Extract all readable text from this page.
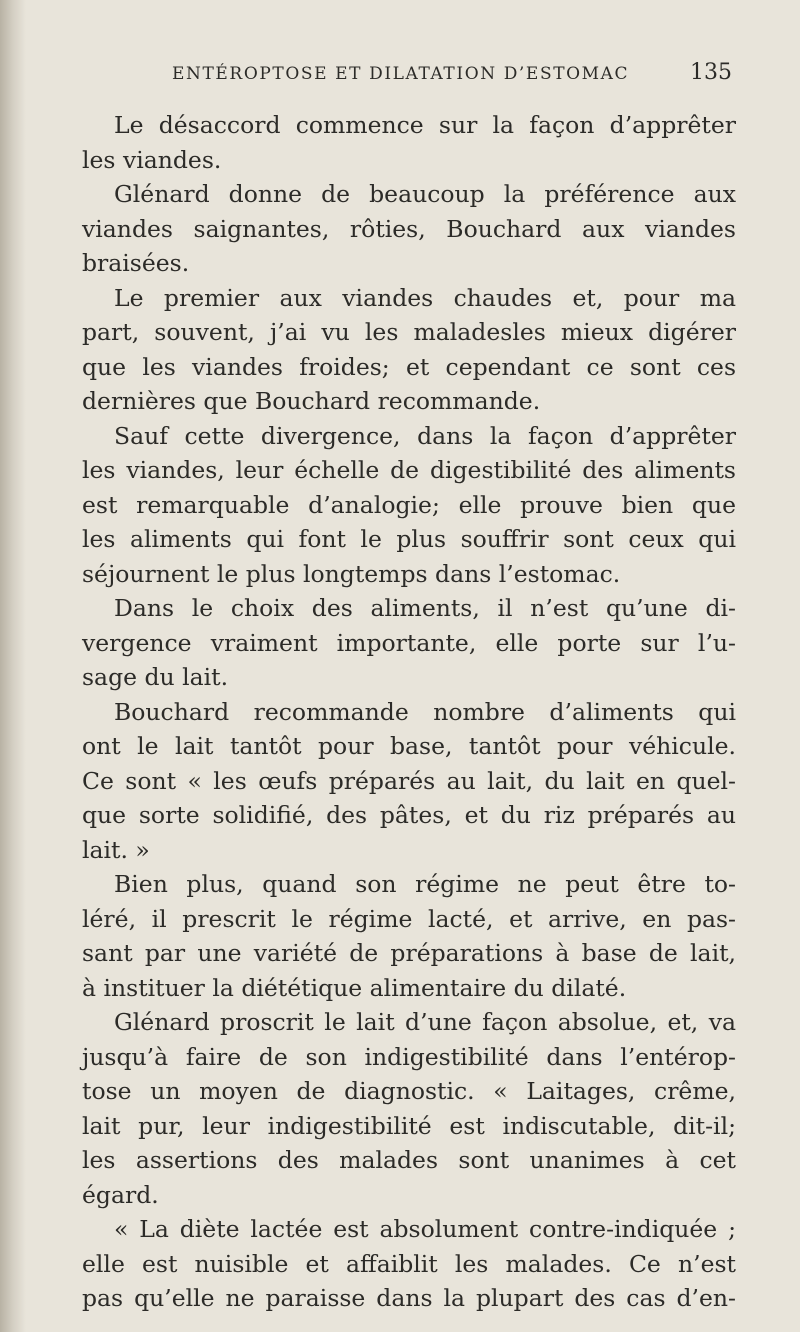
ENTÉROPTOSE ET DILATATION D’ESTOMAC	135
Le désaccord commence sur la façon d’apprêter
les viandes.
Glénard donne de beaucoup la préférence aux
viandes saignantes, rôties, Bouchard aux viandes
braisées.
Le premier aux viandes chaudes et, pour ma
part, souvent, j’ai vu les maladesles mieux digérer
que les viandes froides; et cependant ce sont ces
dernières que Bouchard recommande.
Sauf cette divergence, dans la façon d’apprêter
les viandes, leur échelle de digestibilité des aliments
est remarquable d’analogie; elle prouve bien que
les aliments qui font le plus souffrir sont ceux qui
séjournent le plus longtemps dans l’estomac.
Dans le choix des aliments, il n’est qu’une di-
vergence vraiment importante, elle porte sur l’u-
sage du lait.
Bouchard recommande nombre d’aliments qui
ont le lait tantôt pour base, tantôt pour véhicule.
Ce sont « les œufs préparés au lait, du lait en quel-
que sorte solidifié, des pâtes, et du riz préparés au
lait. »
Bien plus, quand son régime ne peut être to-
léré, il prescrit le régime lacté, et arrive, en pas-
sant par une variété de préparations à base de lait,
à instituer la diététique alimentaire du dilaté.
Glénard proscrit le lait d’une façon absolue, et, va
jusqu’à faire de son indigestibilité dans l’entérop-
tose un moyen de diagnostic. « Laitages, crême,
lait pur, leur indigestibilité est indiscutable, dit-il;
les assertions des malades sont unanimes à cet
égard.
« La diète lactée est absolument contre-indiquée ;
elle est nuisible et affaiblit les malades. Ce n’est
pas qu’elle ne paraisse dans la plupart des cas d’en-
